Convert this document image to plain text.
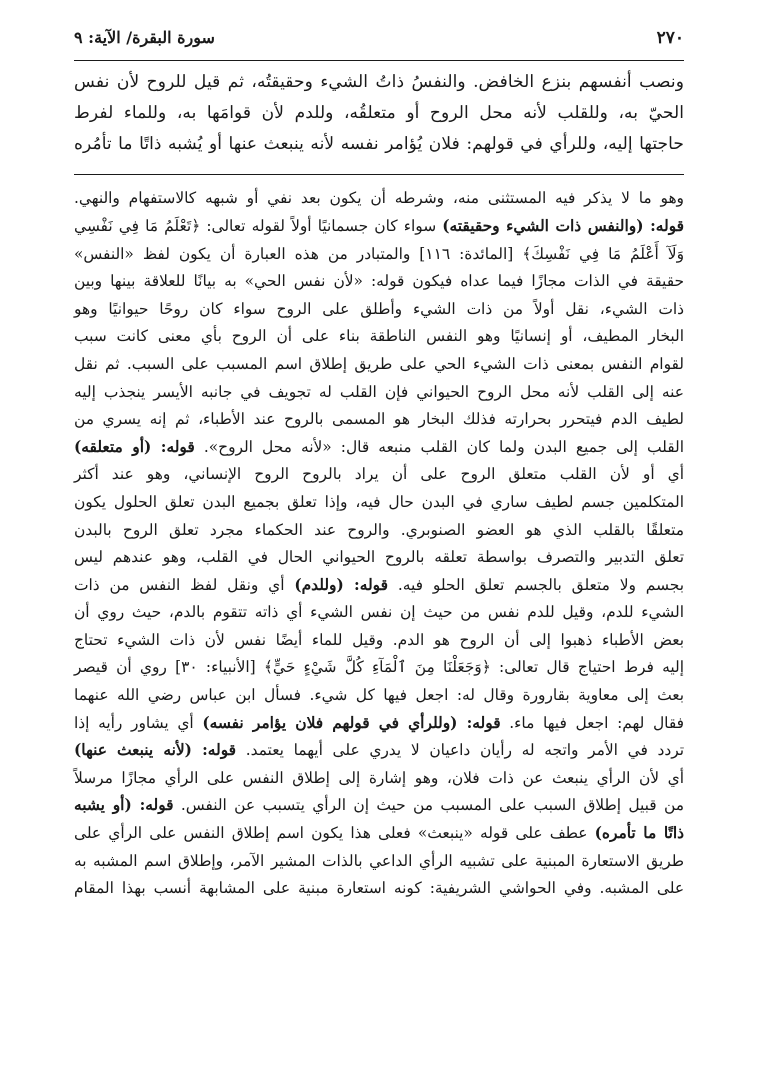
٢٧٠
سورة البقرة/ الآية: ٩

ونصب أنفسهم بنزع الخافض. والنفسُ ذاتُ الشيء وحقيقتُه، ثم قيل للروح لأن نفس

الحيّ به، وللقلب لأنه محل الروح أو متعلقُه، وللدم لأن قوامَها به، وللماء لفرط

حاجتها إليه، وللرأي في قولهم: فلان يُؤامر نفسه لأنه ينبعث عنها أو يُشبه ذاتًا ما تأمُره

وهو ما لا يذكر فيه المستثنى منه، وشرطه أن يكون بعد نفي أو شبهه كالاستفهام والنهي.

قوله: (والنفس ذات الشيء وحقيقته) سواء كان جسمانيًا أولاً لقوله تعالى: ﴿تَعْلَمُ مَا فِي نَفْسِي

وَلَآ أَعْلَمُ مَا فِي نَفْسِكَ﴾ [المائدة: ١١٦] والمتبادر من هذه العبارة أن يكون لفظ «النفس»

حقيقة في الذات مجازًا فيما عداه فيكون قوله: «لأن نفس الحي» به بيانًا للعلاقة بينها وبين

ذات الشيء، نقل أولاً من ذات الشيء وأطلق على الروح سواء كان روحًا حيوانيًا وهو

البخار المطيف، أو إنسانيًا وهو النفس الناطقة بناء على أن الروح بأي معنى كانت سبب

لقوام النفس بمعنى ذات الشيء الحي على طريق إطلاق اسم المسبب على السبب. ثم نقل

عنه إلى القلب لأنه محل الروح الحيواني فإن القلب له تجويف في جانبه الأيسر ينجذب إليه

لطيف الدم فيتحرر بحرارته فذلك البخار هو المسمى بالروح عند الأطباء، ثم إنه يسري من

القلب إلى جميع البدن ولما كان القلب منبعه قال: «لأنه محل الروح». قوله: (أو متعلقه)

أي أو لأن القلب متعلق الروح على أن يراد بالروح الروح الإنساني، وهو عند أكثر

المتكلمين جسم لطيف ساري في البدن حال فيه، وإذا تعلق بجميع البدن تعلق الحلول يكون

متعلقًا بالقلب الذي هو العضو الصنوبري. والروح عند الحكماء مجرد تعلق الروح بالبدن

تعلق التدبير والتصرف بواسطة تعلقه بالروح الحيواني الحال في القلب، وهو عندهم ليس

بجسم ولا متعلق بالجسم تعلق الحلو فيه. قوله: (وللدم) أي ونقل لفظ النفس من ذات

الشيء للدم، وقيل للدم نفس من حيث إن نفس الشيء أي ذاته تتقوم بالدم، حيث روي أن

بعض الأطباء ذهبوا إلى أن الروح هو الدم. وقيل للماء أيضًا نفس لأن ذات الشيء تحتاج

إليه فرط احتياج قال تعالى: ﴿وَجَعَلْنَا مِنَ ٱلْمَآءِ كُلَّ شَيْءٍ حَيٍّ﴾ [الأنبياء: ٣٠] روي أن قيصر

بعث إلى معاوية بقارورة وقال له: اجعل فيها كل شيء. فسأل ابن عباس رضي الله عنهما

فقال لهم: اجعل فيها ماء. قوله: (وللرأي في قولهم فلان يؤامر نفسه) أي يشاور رأيه إذا

تردد في الأمر واتجه له رأيان داعيان لا يدري على أيهما يعتمد. قوله: (لأنه ينبعث عنها)

أي لأن الرأي ينبعث عن ذات فلان، وهو إشارة إلى إطلاق النفس على الرأي مجازًا مرسلاً

من قبيل إطلاق السبب على المسبب من حيث إن الرأي يتسبب عن النفس. قوله: (أو يشبه

ذاتًا ما تأمره) عطف على قوله «ينبعث» فعلى هذا يكون اسم إطلاق النفس على الرأي على

طريق الاستعارة المبنية على تشبيه الرأي الداعي بالذات المشير الآمر، وإطلاق اسم المشبه به

على المشبه. وفي الحواشي الشريفية: كونه استعارة مبنية على المشابهة أنسب بهذا المقام
